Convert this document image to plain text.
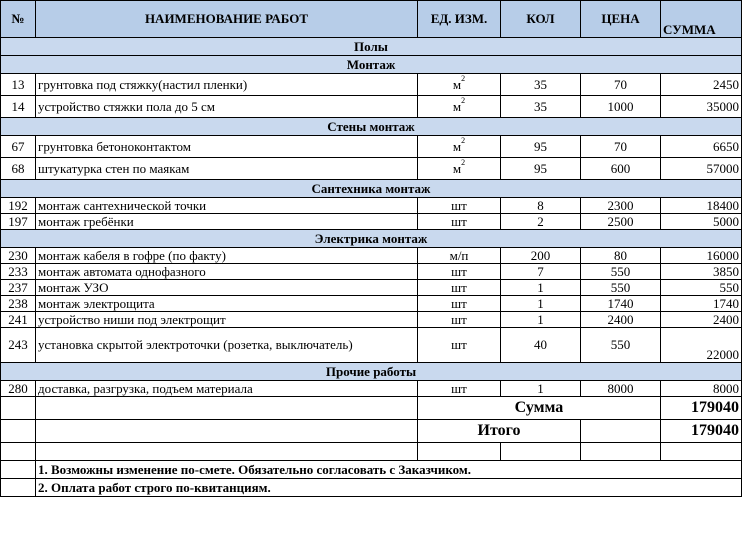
№	НАИМЕНОВАНИЕ РАБОТ	ЕД. ИЗМ.	КОЛ	ЦЕНА	СУММА
Полы					
Монтаж					
13	грунтовка под стяжку(настил пленки)	$м^2$	35	70	2450
14	устройство стяжки пола до 5 см	$м^2$	35	1000	35000
Стены монтаж					
67	грунтовка бетоноконтактом	$м^2$	95	70	6650
68	штукатурка стен по маякам	$м^2$	95	600	57000
Сантехника монтаж					
192	монтаж сантехнической точки	шт	8	2300	18400
197	монтаж гребёнки	шт	2	2500	5000
Электрика монтаж					
230	монтаж кабеля в гофре (по факту)	м/п	200	80	16000
233	монтаж автомата однофазного	шт	7	550	3850
237	монтаж УЗО	шт	1	550	550
238	монтаж электрощита	шт	1	1740	1740
241	устройство ниши под электрощит	шт	1	2400	2400
243	установка скрытой электроточки (розетка, выключатель)	шт	40	550	22000
Прочие работы					
280	доставка, разгрузка, подъем материала	шт	1	8000	8000
		Сумма			179040
		Итого			179040

	1. Возможны изменение по-смете. Обязательно согласовать с Заказчиком.				
	2. Оплата работ строго по-квитанциям.				
